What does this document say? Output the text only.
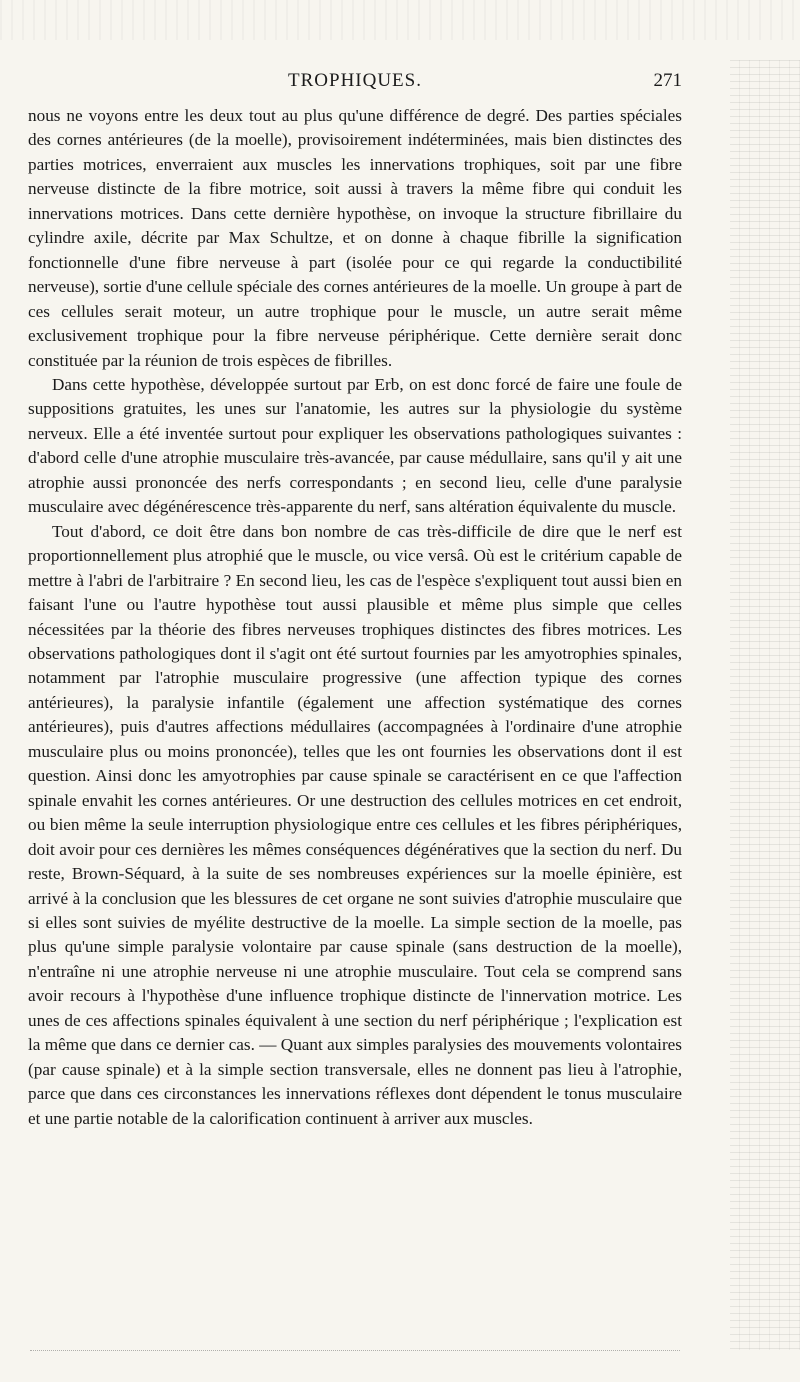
TROPHIQUES.	271

nous ne voyons entre les deux tout au plus qu'une différence de degré. Des parties spéciales des cornes antérieures (de la moelle), provisoirement indéterminées, mais bien distinctes des parties motrices, enverraient aux muscles les innervations trophiques, soit par une fibre nerveuse distincte de la fibre motrice, soit aussi à travers la même fibre qui conduit les innervations motrices. Dans cette dernière hypothèse, on invoque la structure fibrillaire du cylindre axile, décrite par Max Schultze, et on donne à chaque fibrille la signification fonctionnelle d'une fibre nerveuse à part (isolée pour ce qui regarde la conductibilité nerveuse), sortie d'une cellule spéciale des cornes antérieures de la moelle. Un groupe à part de ces cellules serait moteur, un autre trophique pour le muscle, un autre serait même exclusivement trophique pour la fibre nerveuse périphérique. Cette dernière serait donc constituée par la réunion de trois espèces de fibrilles.

Dans cette hypothèse, développée surtout par Erb, on est donc forcé de faire une foule de suppositions gratuites, les unes sur l'anatomie, les autres sur la physiologie du système nerveux. Elle a été inventée surtout pour expliquer les observations pathologiques suivantes : d'abord celle d'une atrophie musculaire très-avancée, par cause médullaire, sans qu'il y ait une atrophie aussi prononcée des nerfs correspondants ; en second lieu, celle d'une paralysie musculaire avec dégénérescence très-apparente du nerf, sans altération équivalente du muscle.

Tout d'abord, ce doit être dans bon nombre de cas très-difficile de dire que le nerf est proportionnellement plus atrophié que le muscle, ou vice versâ. Où est le critérium capable de mettre à l'abri de l'arbitraire ? En second lieu, les cas de l'espèce s'expliquent tout aussi bien en faisant l'une ou l'autre hypothèse tout aussi plausible et même plus simple que celles nécessitées par la théorie des fibres nerveuses trophiques distinctes des fibres motrices. Les observations pathologiques dont il s'agit ont été surtout fournies par les amyotrophies spinales, notamment par l'atrophie musculaire progressive (une affection typique des cornes antérieures), la paralysie infantile (également une affection systématique des cornes antérieures), puis d'autres affections médullaires (accompagnées à l'ordinaire d'une atrophie musculaire plus ou moins prononcée), telles que les ont fournies les observations dont il est question. Ainsi donc les amyotrophies par cause spinale se caractérisent en ce que l'affection spinale envahit les cornes antérieures. Or une destruction des cellules motrices en cet endroit, ou bien même la seule interruption physiologique entre ces cellules et les fibres périphériques, doit avoir pour ces dernières les mêmes conséquences dégénératives que la section du nerf. Du reste, Brown-Séquard, à la suite de ses nombreuses expériences sur la moelle épinière, est arrivé à la conclusion que les blessures de cet organe ne sont suivies d'atrophie musculaire que si elles sont suivies de myélite destructive de la moelle. La simple section de la moelle, pas plus qu'une simple paralysie volontaire par cause spinale (sans destruction de la moelle), n'entraîne ni une atrophie nerveuse ni une atrophie musculaire. Tout cela se comprend sans avoir recours à l'hypothèse d'une influence trophique distincte de l'innervation motrice. Les unes de ces affections spinales équivalent à une section du nerf périphérique ; l'explication est la même que dans ce dernier cas. — Quant aux simples paralysies des mouvements volontaires (par cause spinale) et à la simple section transversale, elles ne donnent pas lieu à l'atrophie, parce que dans ces circonstances les innervations réflexes dont dépendent le tonus musculaire et une partie notable de la calorification continuent à arriver aux muscles.
